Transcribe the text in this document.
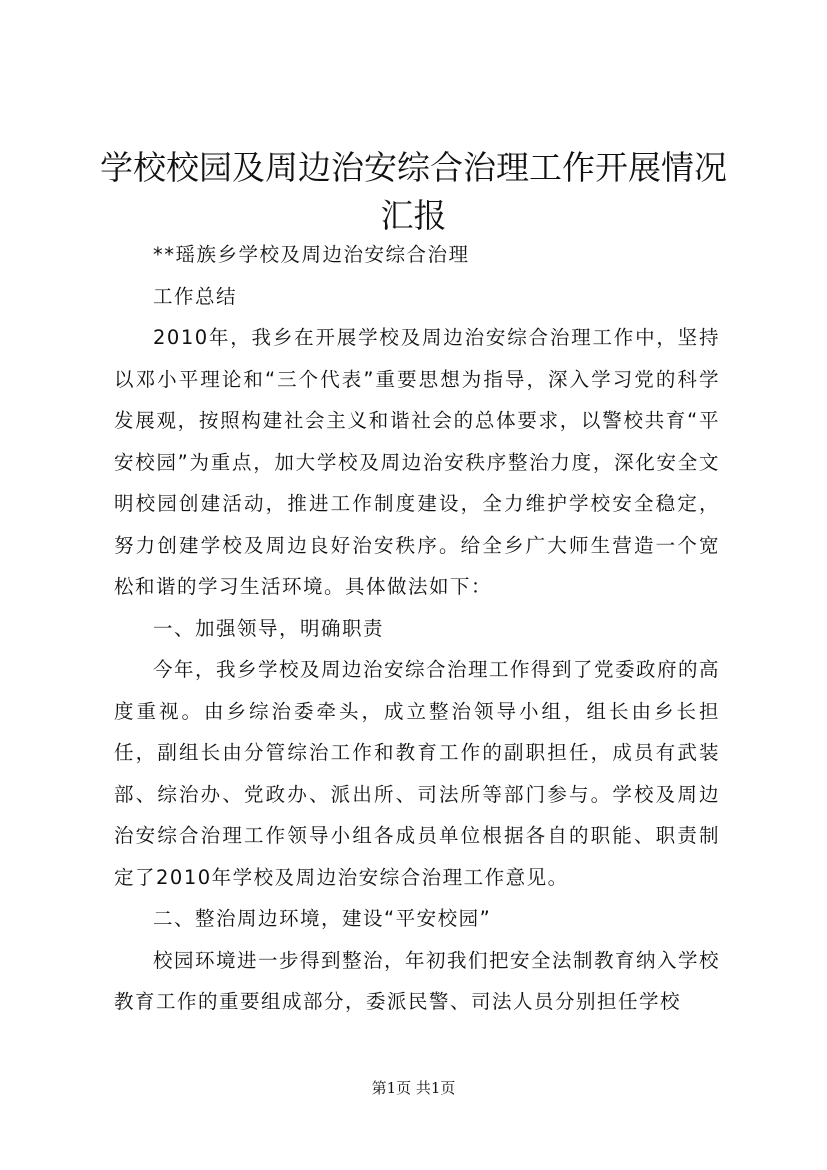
学校校园及周边治安综合治理工作开展情况汇报

**瑶族乡学校及周边治安综合治理

工作总结

2010年，我乡在开展学校及周边治安综合治理工作中，坚持以邓小平理论和“三个代表”重要思想为指导，深入学习党的科学发展观，按照构建社会主义和谐社会的总体要求，以警校共育“平安校园”为重点，加大学校及周边治安秩序整治力度，深化安全文明校园创建活动，推进工作制度建设，全力维护学校安全稳定，努力创建学校及周边良好治安秩序。给全乡广大师生营造一个宽松和谐的学习生活环境。具体做法如下：

一、加强领导，明确职责

今年，我乡学校及周边治安综合治理工作得到了党委政府的高度重视。由乡综治委牵头，成立整治领导小组，组长由乡长担任，副组长由分管综治工作和教育工作的副职担任，成员有武装部、综治办、党政办、派出所、司法所等部门参与。学校及周边治安综合治理工作领导小组各成员单位根据各自的职能、职责制定了2010年学校及周边治安综合治理工作意见。

二、整治周边环境，建设“平安校园”

校园环境进一步得到整治，年初我们把安全法制教育纳入学校教育工作的重要组成部分，委派民警、司法人员分别担任学校

第1页 共1页
